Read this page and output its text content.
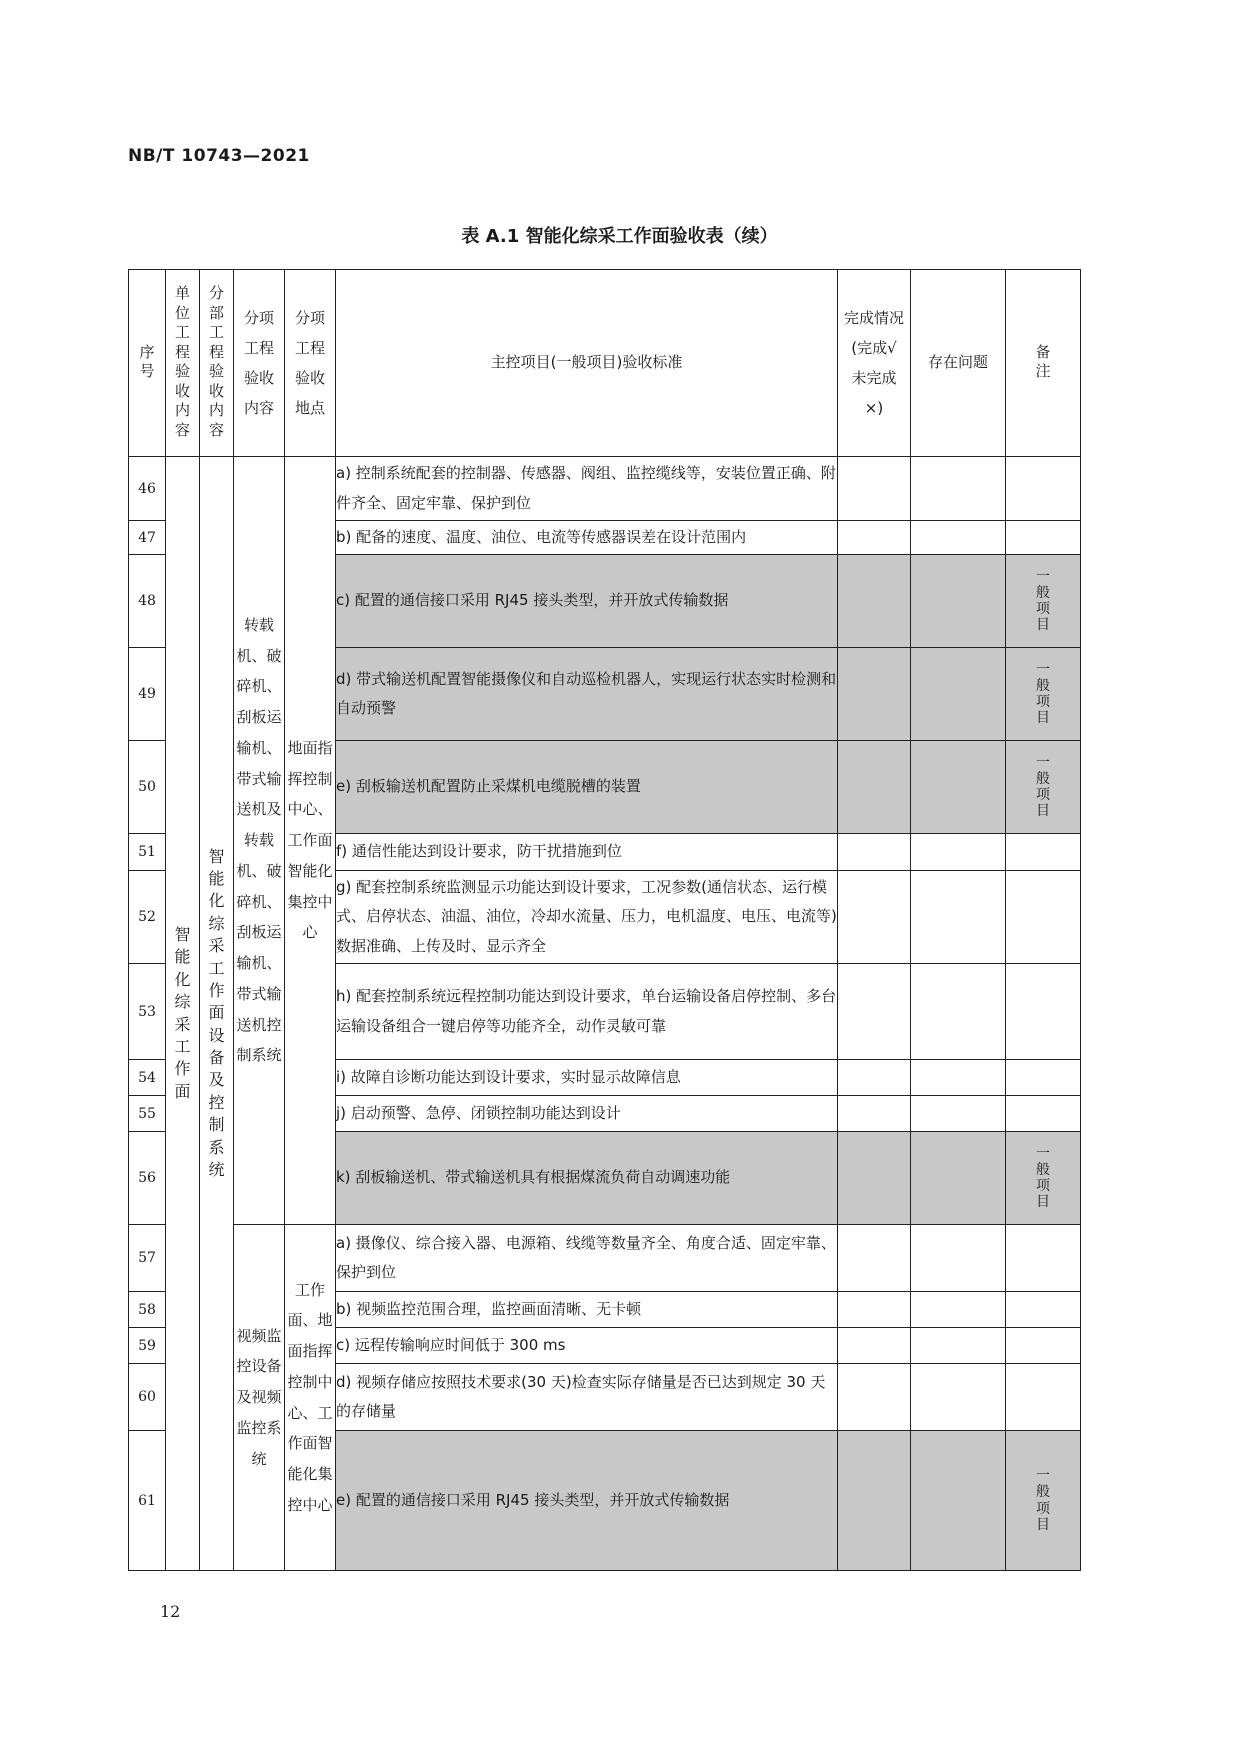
NB/T 10743—2021
表 A.1 智能化综采工作面验收表（续）
序号	单位工程验收内容	分部工程验收内容	分项工程验收内容	分项工程验收地点	主控项目(一般项目)验收标准	完成情况(完成√未完成×)	存在问题	备注
46	智能化综采工作面	智能化综采工作面设备及控制系统	转载机、破碎机、刮板运输机、带式输送机及转载机、破碎机、刮板运输机、带式输送机控制系统	地面指挥控制中心、工作面智能化集控中心	a) 控制系统配套的控制器、传感器、阀组、监控缆线等，安装位置正确、附件齐全、固定牢靠、保护到位			
47					b) 配备的速度、温度、油位、电流等传感器误差在设计范围内			
48					c) 配置的通信接口采用 RJ45 接头类型，并开放式传输数据			一般项目
49					d) 带式输送机配置智能摄像仪和自动巡检机器人，实现运行状态实时检测和自动预警			一般项目
50					e) 刮板输送机配置防止采煤机电缆脱槽的装置			一般项目
51					f) 通信性能达到设计要求，防干扰措施到位			
52					g) 配套控制系统监测显示功能达到设计要求，工况参数(通信状态、运行模式、启停状态、油温、油位，冷却水流量、压力，电机温度、电压、电流等)数据准确、上传及时、显示齐全			
53					h) 配套控制系统远程控制功能达到设计要求，单台运输设备启停控制、多台运输设备组合一键启停等功能齐全，动作灵敏可靠			
54					i) 故障自诊断功能达到设计要求，实时显示故障信息			
55					j) 启动预警、急停、闭锁控制功能达到设计			
56					k) 刮板输送机、带式输送机具有根据煤流负荷自动调速功能			一般项目
57			视频监控设备及视频监控系统	工作面、地面指挥控制中心、工作面智能化集控中心	a) 摄像仪、综合接入器、电源箱、线缆等数量齐全、角度合适、固定牢靠、保护到位			
58					b) 视频监控范围合理，监控画面清晰、无卡顿			
59					c) 远程传输响应时间低于 300 ms			
60					d) 视频存储应按照技术要求(30 天)检查实际存储量是否已达到规定 30 天的存储量			
61					e) 配置的通信接口采用 RJ45 接头类型，并开放式传输数据			一般项目
12
